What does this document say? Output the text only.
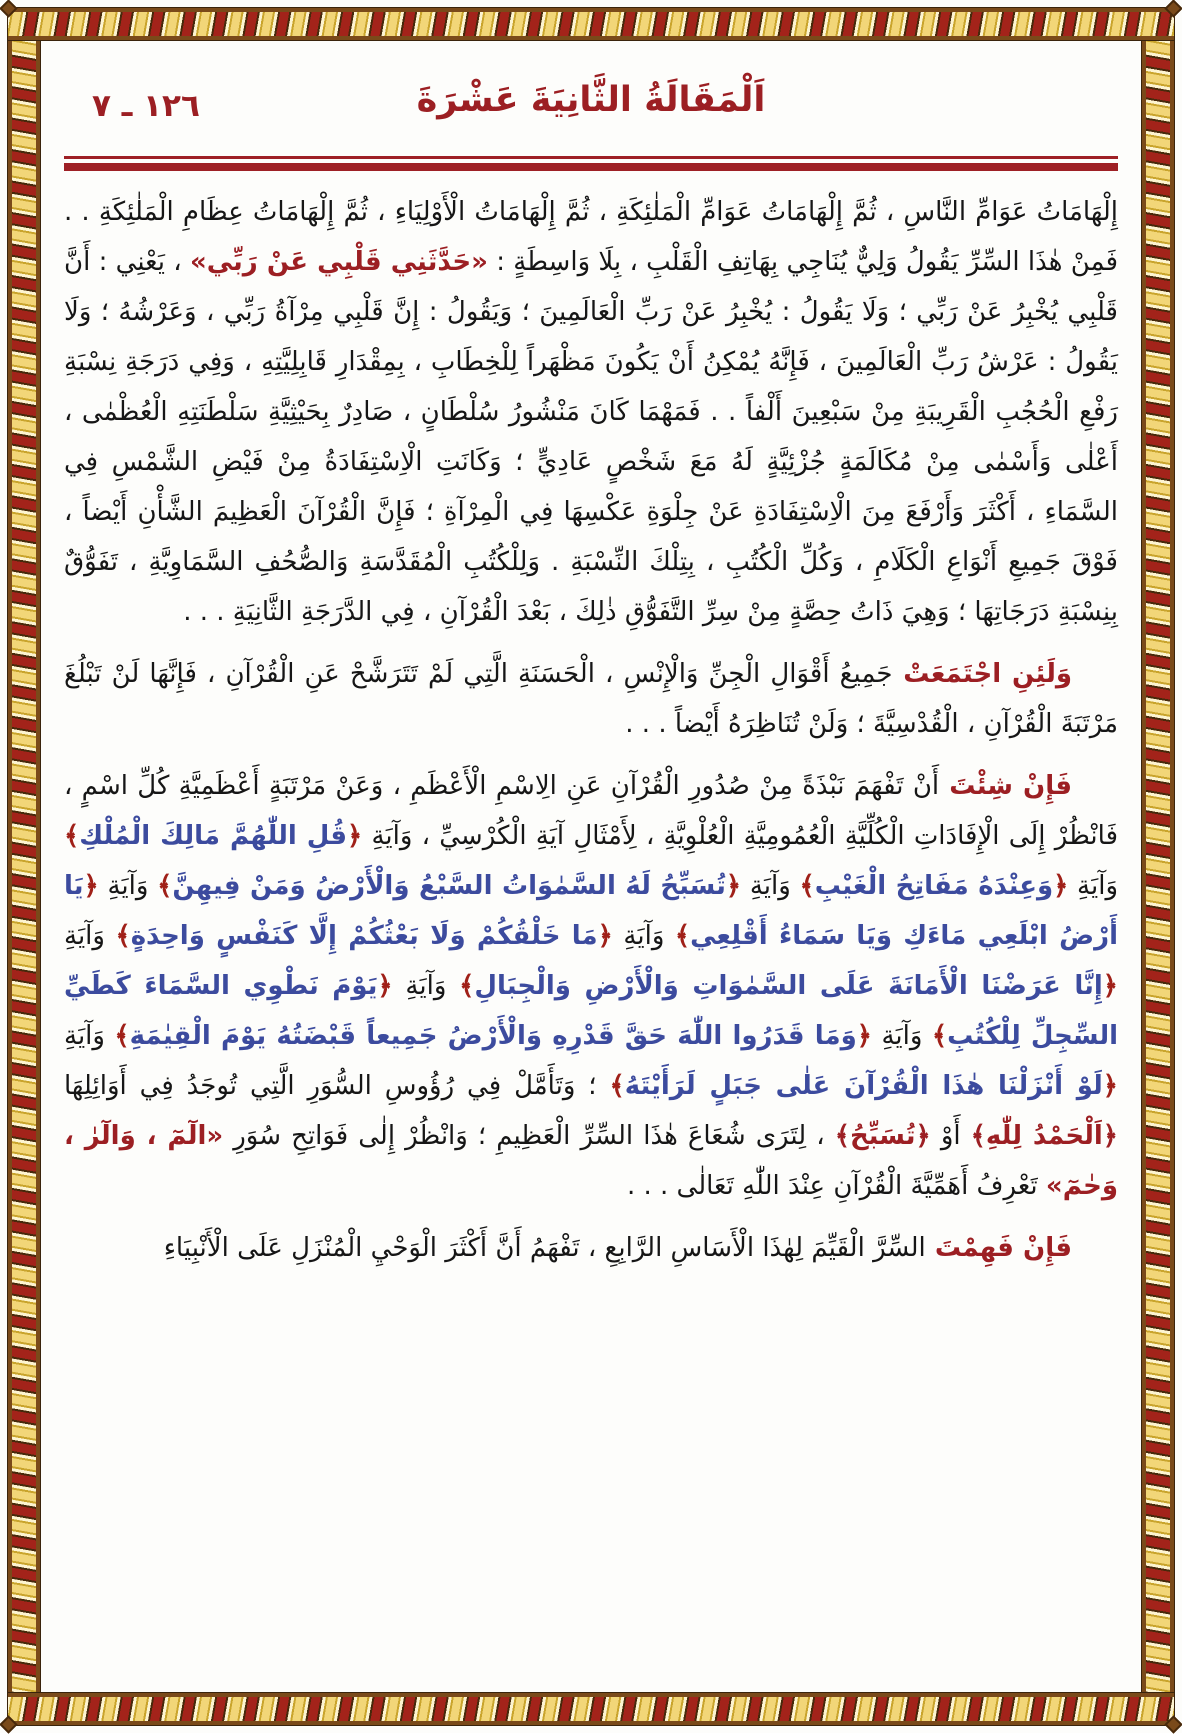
اَلْمَقَالَةُ الثَّانِيَةَ عَشْرَةَ
١٢٦ ـ ٧

إِلْهَامَاتُ عَوَامِّ النَّاسِ ، ثُمَّ إِلْهَامَاتُ عَوَامِّ الْمَلٰئِكَةِ ، ثُمَّ إِلْهَامَاتُ الْأَوْلِيَاءِ ، ثُمَّ إِلْهَامَاتُ عِظَامِ الْمَلٰئِكَةِ . . فَمِنْ هٰذَا السِّرِّ يَقُولُ وَلِيٌّ يُنَاجِي بِهَاتِفِ الْقَلْبِ ، بِلَا وَاسِطَةٍ : «حَدَّثَنِي قَلْبِي عَنْ رَبِّي» ، يَعْنِي : أَنَّ قَلْبِي يُخْبِرُ عَنْ رَبِّي ؛ وَلَا يَقُولُ : يُخْبِرُ عَنْ رَبِّ الْعَالَمِينَ ؛ وَيَقُولُ : إِنَّ قَلْبِي مِرْآةُ رَبِّي ، وَعَرْشُهُ ؛ وَلَا يَقُولُ : عَرْشُ رَبِّ الْعَالَمِينَ ، فَإِنَّهُ يُمْكِنُ أَنْ يَكُونَ مَظْهَراً لِلْخِطَابِ ، بِمِقْدَارِ قَابِلِيَّتِهِ ، وَفِي دَرَجَةِ نِسْبَةِ رَفْعِ الْحُجُبِ الْقَرِيبَةِ مِنْ سَبْعِينَ أَلْفاً . . فَمَهْمَا كَانَ مَنْشُورُ سُلْطَانٍ ، صَادِرٌ بِحَيْثِيَّةِ سَلْطَنَتِهِ الْعُظْمٰى ، أَعْلٰى وَأَسْمٰى مِنْ مُكَالَمَةٍ جُزْئِيَّةٍ لَهُ مَعَ شَخْصٍ عَادِيٍّ ؛ وَكَانَتِ الْاِسْتِفَادَةُ مِنْ فَيْضِ الشَّمْسِ فِي السَّمَاءِ ، أَكْثَرَ وَأَرْفَعَ مِنَ الْاِسْتِفَادَةِ عَنْ جِلْوَةِ عَكْسِهَا فِي الْمِرْآةِ ؛ فَإِنَّ الْقُرْآنَ الْعَظِيمَ الشَّأْنِ أَيْضاً ، فَوْقَ جَمِيعِ أَنْوَاعِ الْكَلَامِ ، وَكُلِّ الْكُتُبِ ، بِتِلْكَ النِّسْبَةِ . وَلِلْكُتُبِ الْمُقَدَّسَةِ وَالصُّحُفِ السَّمَاوِيَّةِ ، تَفَوُّقٌ بِنِسْبَةِ دَرَجَاتِهَا ؛ وَهِيَ ذَاتُ حِصَّةٍ مِنْ سِرِّ التَّفَوُّقِ ذٰلِكَ ، بَعْدَ الْقُرْآنِ ، فِي الدَّرَجَةِ الثَّانِيَةِ . . .

وَلَئِنِ اجْتَمَعَتْ جَمِيعُ أَقْوَالِ الْجِنِّ وَالْإِنْسِ ، الْحَسَنَةِ الَّتِي لَمْ تَتَرَشَّحْ عَنِ الْقُرْآنِ ، فَإِنَّهَا لَنْ تَبْلُغَ مَرْتَبَةَ الْقُرْآنِ ، الْقُدْسِيَّةَ ؛ وَلَنْ تُنَاظِرَهُ أَيْضاً . . .

فَإِنْ شِئْتَ أَنْ تَفْهَمَ نَبْذَةً مِنْ صُدُورِ الْقُرْآنِ عَنِ الِاسْمِ الْأَعْظَمِ ، وَعَنْ مَرْتَبَةٍ أَعْظَمِيَّةِ كُلِّ اسْمٍ ، فَانْظُرْ إِلَى الْإِفَادَاتِ الْكُلِّيَّةِ الْعُمُومِيَّةِ الْعُلْوِيَّةِ ، لِأَمْثَالِ آيَةِ الْكُرْسِيِّ ، وَآيَةِ ﴿قُلِ اللّٰهُمَّ مَالِكَ الْمُلْكِ﴾ وَآيَةِ ﴿وَعِنْدَهُ مَفَاتِحُ الْغَيْبِ﴾ وَآيَةِ ﴿تُسَبِّحُ لَهُ السَّمٰوَاتُ السَّبْعُ وَالْأَرْضُ وَمَنْ فِيهِنَّ﴾ وَآيَةِ ﴿يَا أَرْضُ ابْلَعِي مَاءَكِ وَيَا سَمَاءُ أَقْلِعِي﴾ وَآيَةِ ﴿مَا خَلْقُكُمْ وَلَا بَعْثُكُمْ إِلَّا كَنَفْسٍ وَاحِدَةٍ﴾ وَآيَةِ ﴿إِنَّا عَرَضْنَا الْأَمَانَةَ عَلَى السَّمٰوَاتِ وَالْأَرْضِ وَالْجِبَالِ﴾ وَآيَةِ ﴿يَوْمَ نَطْوِي السَّمَاءَ كَطَيِّ السِّجِلِّ لِلْكُتُبِ﴾ وَآيَةِ ﴿وَمَا قَدَرُوا اللّٰهَ حَقَّ قَدْرِهِ وَالْأَرْضُ جَمِيعاً قَبْضَتُهُ يَوْمَ الْقِيٰمَةِ﴾ وَآيَةِ ﴿لَوْ أَنْزَلْنَا هٰذَا الْقُرْآنَ عَلٰى جَبَلٍ لَرَأَيْتَهُ﴾ ؛ وَتَأَمَّلْ فِي رُؤُوسِ السُّوَرِ الَّتِي تُوجَدُ فِي أَوَائِلِهَا ﴿اَلْحَمْدُ لِلّٰهِ﴾ أَوْ ﴿تُسَبِّحُ﴾ ، لِتَرَى شُعَاعَ هٰذَا السِّرِّ الْعَظِيمِ ؛ وَانْظُرْ إِلٰى فَوَاتِحِ سُوَرِ «الٓمٓ ، وَالٓرٰ ، وَحٰمٓ» تَعْرِفُ أَهَمِّيَّةَ الْقُرْآنِ عِنْدَ اللّٰهِ تَعَالٰى . . .

فَإِنْ فَهِمْتَ السِّرَّ الْقَيِّمَ لِهٰذَا الْأَسَاسِ الرَّابِعِ ، تَفْهَمُ أَنَّ أَكْثَرَ الْوَحْيِ الْمُنْزَلِ عَلَى الْأَنْبِيَاءِ
